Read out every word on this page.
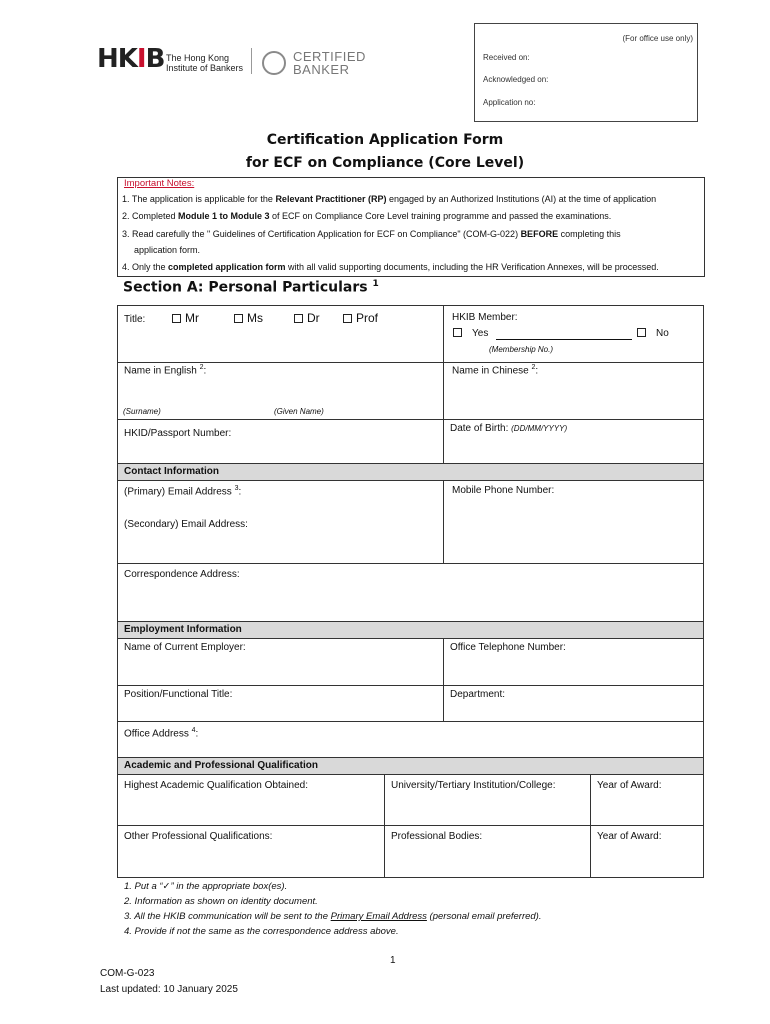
HKIB The Hong Kong
Institute of Bankers
CERTIFIED
BANKER
(For office use only)
Received on:
Acknowledged on:
Application no:
Certification Application Form
for ECF on Compliance (Core Level)
Important Notes:
1. The application is applicable for the Relevant Practitioner (RP) engaged by an Authorized Institutions (AI) at the time of application
2. Completed Module 1 to Module 3 of ECF on Compliance Core Level training programme and passed the examinations.
3. Read carefully the " Guidelines of Certification Application for ECF on Compliance" (COM-G-022) BEFORE completing this
application form.
4. Only the completed application form with all valid supporting documents, including the HR Verification Annexes, will be processed.
Section A: Personal Particulars $^1$
Title:	Mr	Ms	Dr	Prof	HKIB Member:
Yes	No
(Membership No.)
Name in English $^2$:	Name in Chinese $^2$:
(Surname)	(Given Name)
HKID/Passport Number:	Date of Birth: (DD/MM/YYYY)
Contact Information
(Primary) Email Address $^3$:	Mobile Phone Number:
(Secondary) Email Address:
Correspondence Address:
Employment Information
Name of Current Employer:	Office Telephone Number:
Position/Functional Title:	Department:
Office Address $^4$:
Academic and Professional Qualification
Highest Academic Qualification Obtained:	University/Tertiary Institution/College:	Year of Award:
Other Professional Qualifications:	Professional Bodies:	Year of Award:
1. Put a “✓” in the appropriate box(es).
2. Information as shown on identity document.
3. All the HKIB communication will be sent to the Primary Email Address (personal email preferred).
4. Provide if not the same as the correspondence address above.
1
COM-G-023
Last updated: 10 January 2025
